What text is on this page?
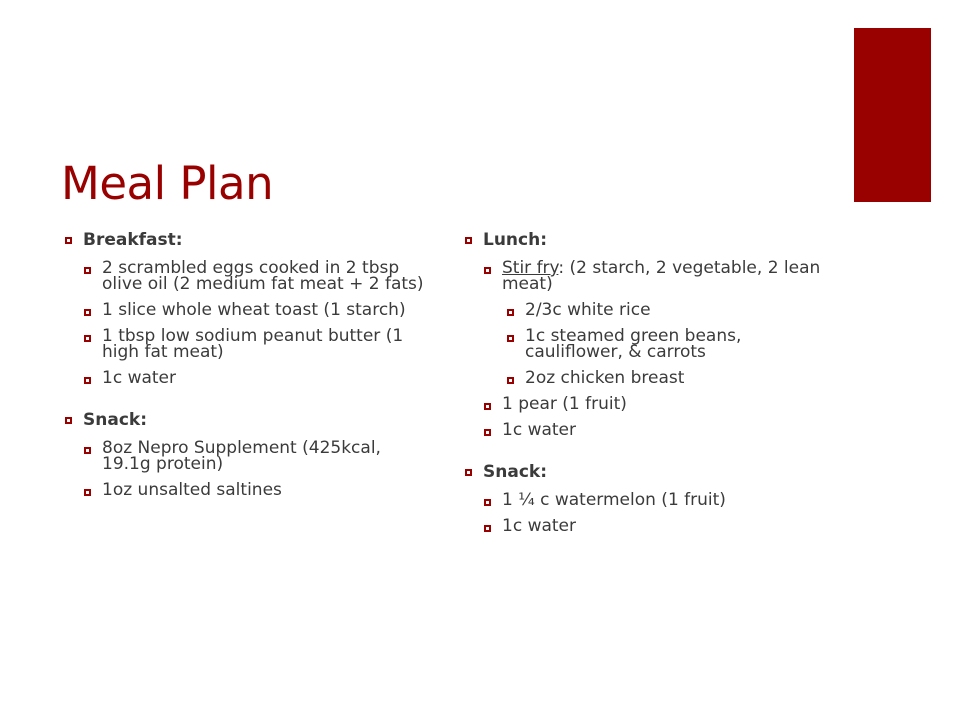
Meal Plan
Breakfast:
2 scrambled eggs cooked in 2 tbsp olive oil (2 medium fat meat + 2 fats)
1 slice whole wheat toast (1 starch)
1 tbsp low sodium peanut butter (1 high fat meat)
1c water
Snack:
8oz Nepro Supplement (425kcal, 19.1g protein)
1oz unsalted saltines
Lunch:
Stir fry: (2 starch, 2 vegetable, 2 lean meat)
2/3c white rice
1c steamed green beans, cauliflower, & carrots
2oz chicken breast
1 pear (1 fruit)
1c water
Snack:
1 ¼ c watermelon (1 fruit)
1c water
